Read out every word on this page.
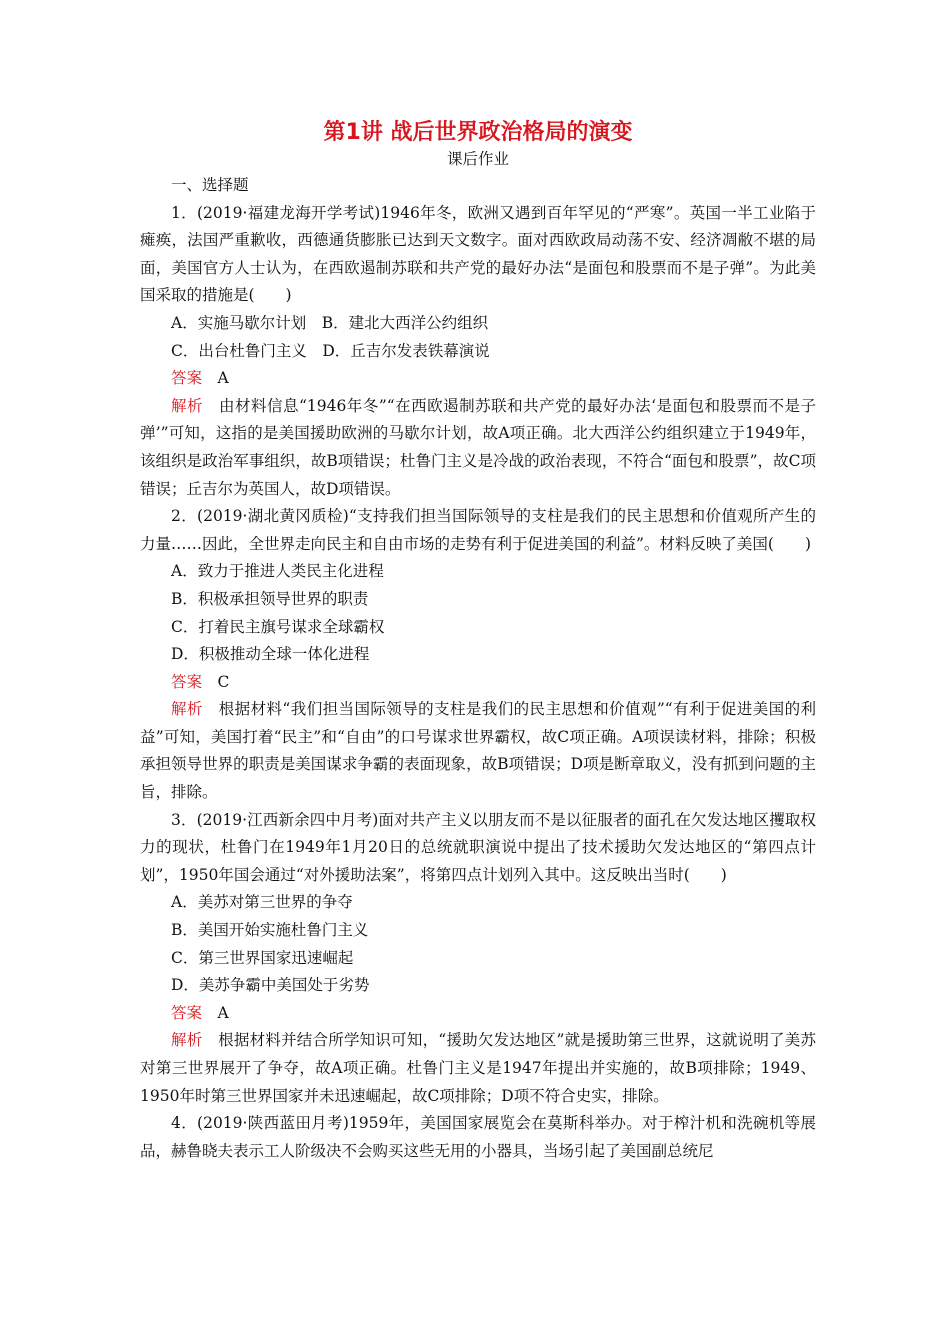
第1讲 战后世界政治格局的演变

课后作业

一、选择题

1．(2019·福建龙海开学考试)1946年冬，欧洲又遇到百年罕见的“严寒”。英国一半工业陷于瘫痪，法国严重歉收，西德通货膨胀已达到天文数字。面对西欧政局动荡不安、经济凋敝不堪的局面，美国官方人士认为，在西欧遏制苏联和共产党的最好办法“是面包和股票而不是子弹”。为此美国采取的措施是(　　)

A．实施马歇尔计划 B．建北大西洋公约组织

C．出台杜鲁门主义 D．丘吉尔发表铁幕演说

答案 A

解析 由材料信息“1946年冬”“在西欧遏制苏联和共产党的最好办法‘是面包和股票而不是子弹’”可知，这指的是美国援助欧洲的马歇尔计划，故A项正确。北大西洋公约组织建立于1949年，该组织是政治军事组织，故B项错误；杜鲁门主义是冷战的政治表现，不符合“面包和股票”，故C项错误；丘吉尔为英国人，故D项错误。

2．(2019·湖北黄冈质检)“支持我们担当国际领导的支柱是我们的民主思想和价值观所产生的力量……因此，全世界走向民主和自由市场的走势有利于促进美国的利益”。材料反映了美国(　　)

A．致力于推进人类民主化进程

B．积极承担领导世界的职责

C．打着民主旗号谋求全球霸权

D．积极推动全球一体化进程

答案 C

解析 根据材料“我们担当国际领导的支柱是我们的民主思想和价值观”“有利于促进美国的利益”可知，美国打着“民主”和“自由”的口号谋求世界霸权，故C项正确。A项误读材料，排除；积极承担领导世界的职责是美国谋求争霸的表面现象，故B项错误；D项是断章取义，没有抓到问题的主旨，排除。

3．(2019·江西新余四中月考)面对共产主义以朋友而不是以征服者的面孔在欠发达地区攫取权力的现状，杜鲁门在1949年1月20日的总统就职演说中提出了技术援助欠发达地区的“第四点计划”，1950年国会通过“对外援助法案”，将第四点计划列入其中。这反映出当时(　　)

A．美苏对第三世界的争夺

B．美国开始实施杜鲁门主义

C．第三世界国家迅速崛起

D．美苏争霸中美国处于劣势

答案 A

解析 根据材料并结合所学知识可知，“援助欠发达地区”就是援助第三世界，这就说明了美苏对第三世界展开了争夺，故A项正确。杜鲁门主义是1947年提出并实施的，故B项排除；1949、1950年时第三世界国家并未迅速崛起，故C项排除；D项不符合史实，排除。

4．(2019·陕西蓝田月考)1959年，美国国家展览会在莫斯科举办。对于榨汁机和洗碗机等展品，赫鲁晓夫表示工人阶级决不会购买这些无用的小器具，当场引起了美国副总统尼
